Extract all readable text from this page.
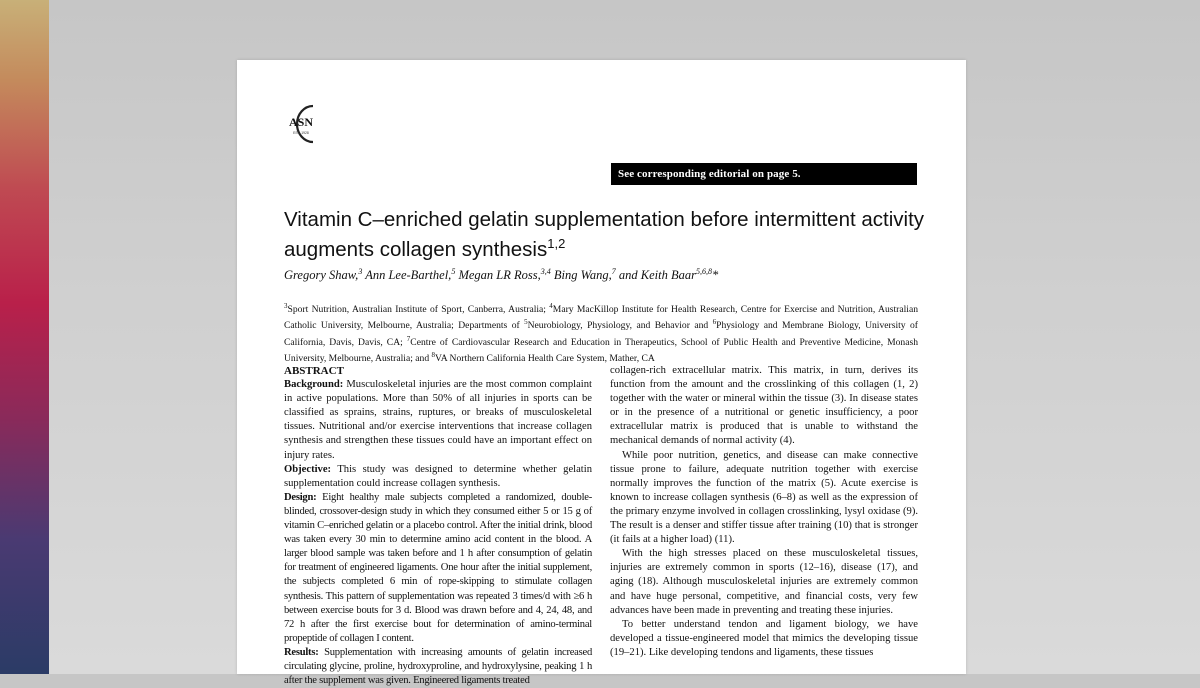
ASN
EST. 1928
See corresponding editorial on page 5.
Vitamin C–enriched gelatin supplementation before intermittent activity augments collagen synthesis$^{1,2}$
Gregory Shaw,$^3$ Ann Lee-Barthel,$^5$ Megan LR Ross,$^{3,4}$ Bing Wang,$^7$ and Keith Baar$^{5,6,8}$*
$^3$Sport Nutrition, Australian Institute of Sport, Canberra, Australia; $^4$Mary MacKillop Institute for Health Research, Centre for Exercise and Nutrition, Australian Catholic University, Melbourne, Australia; Departments of $^5$Neurobiology, Physiology, and Behavior and $^6$Physiology and Membrane Biology, University of California, Davis, Davis, CA; $^7$Centre of Cardiovascular Research and Education in Therapeutics, School of Public Health and Preventive Medicine, Monash University, Melbourne, Australia; and $^8$VA Northern California Health Care System, Mather, CA

ABSTRACT

Background: Musculoskeletal injuries are the most common complaint in active populations. More than 50% of all injuries in sports can be classified as sprains, strains, ruptures, or breaks of musculoskeletal tissues. Nutritional and/or exercise interventions that increase collagen synthesis and strengthen these tissues could have an important effect on injury rates.

Objective: This study was designed to determine whether gelatin supplementation could increase collagen synthesis.

Design: Eight healthy male subjects completed a randomized, double-blinded, crossover-design study in which they consumed either 5 or 15 g of vitamin C–enriched gelatin or a placebo control. After the initial drink, blood was taken every 30 min to determine amino acid content in the blood. A larger blood sample was taken before and 1 h after consumption of gelatin for treatment of engineered ligaments. One hour after the initial supplement, the subjects completed 6 min of rope-skipping to stimulate collagen synthesis. This pattern of supplementation was repeated 3 times/d with ≥6 h between exercise bouts for 3 d. Blood was drawn before and 4, 24, 48, and 72 h after the first exercise bout for determination of amino-terminal propeptide of collagen I content.

Results: Supplementation with increasing amounts of gelatin increased circulating glycine, proline, hydroxyproline, and hydroxylysine, peaking 1 h after the supplement was given. Engineered ligaments treated

collagen-rich extracellular matrix. This matrix, in turn, derives its function from the amount and the crosslinking of this collagen (1, 2) together with the water or mineral within the tissue (3). In disease states or in the presence of a nutritional or genetic insufficiency, a poor extracellular matrix is produced that is unable to withstand the mechanical demands of normal activity (4).

While poor nutrition, genetics, and disease can make connective tissue prone to failure, adequate nutrition together with exercise normally improves the function of the matrix (5). Acute exercise is known to increase collagen synthesis (6–8) as well as the expression of the primary enzyme involved in collagen crosslinking, lysyl oxidase (9). The result is a denser and stiffer tissue after training (10) that is stronger (it fails at a higher load) (11).

With the high stresses placed on these musculoskeletal tissues, injuries are extremely common in sports (12–16), disease (17), and aging (18). Although musculoskeletal injuries are extremely common and have huge personal, competitive, and financial costs, very few advances have been made in preventing and treating these injuries.

To better understand tendon and ligament biology, we have developed a tissue-engineered model that mimics the developing tissue (19–21). Like developing tendons and ligaments, these tissues
